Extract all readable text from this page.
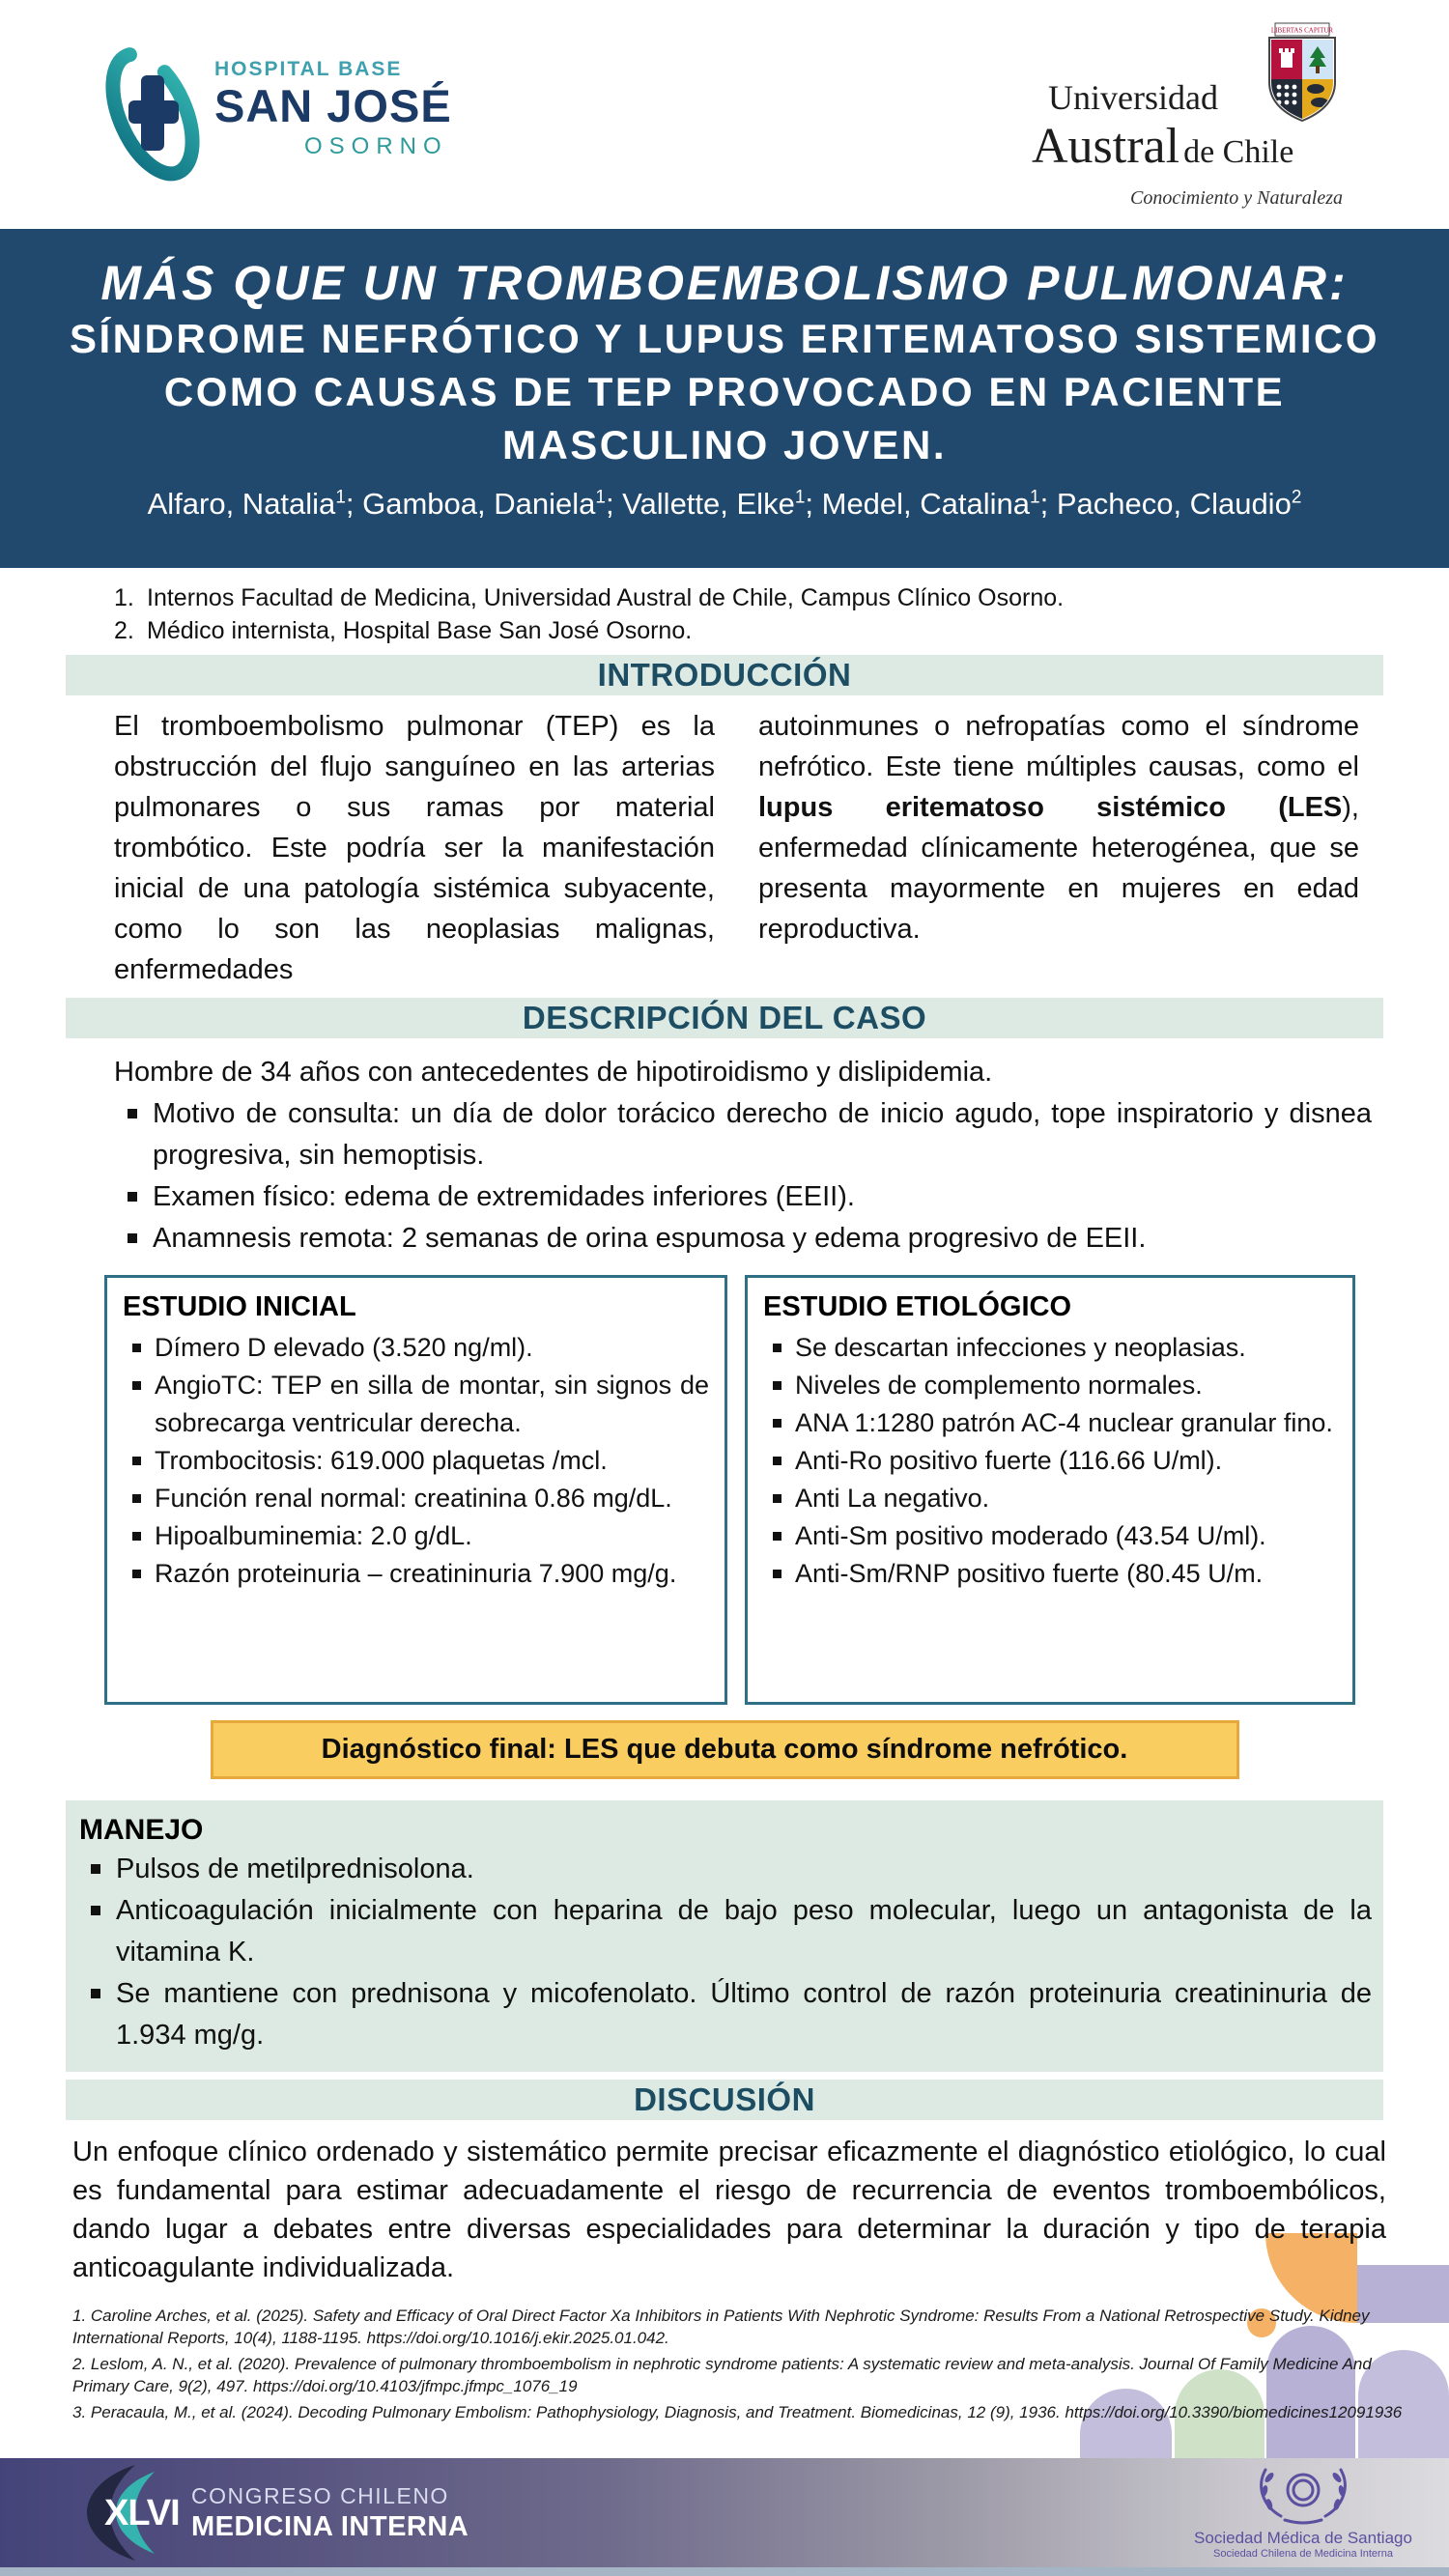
HOSPITAL BASE
SAN JOSÉ
OSORNO
LIBERTAS CAPITUR
Universidad
Austral de Chile
Conocimiento y Naturaleza
MÁS QUE UN TROMBOEMBOLISMO PULMONAR:
SÍNDROME NEFRÓTICO Y LUPUS ERITEMATOSO SISTEMICO
COMO CAUSAS DE TEP PROVOCADO EN PACIENTE
MASCULINO JOVEN.
Alfaro, Natalia$^1$; Gamboa, Daniela$^1$; Vallette, Elke$^1$; Medel, Catalina$^1$; Pacheco, Claudio$^2$
1. Internos Facultad de Medicina, Universidad Austral de Chile, Campus Clínico Osorno.
2. Médico internista, Hospital Base San José Osorno.
INTRODUCCIÓN
El tromboembolismo pulmonar (TEP) es la obstrucción del flujo sanguíneo en las arterias pulmonares o sus ramas por material trombótico. Este podría ser la manifestación inicial de una patología sistémica subyacente, como lo son las neoplasias malignas, enfermedades
autoinmunes o nefropatías como el síndrome nefrótico. Este tiene múltiples causas, como el lupus eritematoso sistémico (LES), enfermedad clínicamente heterogénea, que se presenta mayormente en mujeres en edad reproductiva.
DESCRIPCIÓN DEL CASO
Hombre de 34 años con antecedentes de hipotiroidismo y dislipidemia.
Motivo de consulta: un día de dolor torácico derecho de inicio agudo, tope inspiratorio y disnea progresiva, sin hemoptisis.
Examen físico: edema de extremidades inferiores (EEII).
Anamnesis remota: 2 semanas de orina espumosa y edema progresivo de EEII.
ESTUDIO INICIAL
Dímero D elevado (3.520 ng/ml).
AngioTC: TEP en silla de montar, sin signos de sobrecarga ventricular derecha.
Trombocitosis: 619.000 plaquetas /mcl.
Función renal normal: creatinina 0.86 mg/dL.
Hipoalbuminemia: 2.0 g/dL.
Razón proteinuria – creatininuria 7.900 mg/g.
ESTUDIO ETIOLÓGICO
Se descartan infecciones y neoplasias.
Niveles de complemento normales.
ANA 1:1280 patrón AC-4 nuclear granular fino.
Anti-Ro positivo fuerte (116.66 U/ml).
Anti La negativo.
Anti-Sm positivo moderado (43.54 U/ml).
Anti-Sm/RNP positivo fuerte (80.45 U/m.
Diagnóstico final: LES que debuta como síndrome nefrótico.
MANEJO
Pulsos de metilprednisolona.
Anticoagulación inicialmente con heparina de bajo peso molecular, luego un antagonista de la vitamina K.
Se mantiene con prednisona y micofenolato. Último control de razón proteinuria creatininuria de 1.934 mg/g.
DISCUSIÓN
Un enfoque clínico ordenado y sistemático permite precisar eficazmente el diagnóstico etiológico, lo cual es fundamental para estimar adecuadamente el riesgo de recurrencia de eventos tromboembólicos, dando lugar a debates entre diversas especialidades para determinar la duración y tipo de terapia anticoagulante individualizada.

1. Caroline Arches, et al. (2025). Safety and Efficacy of Oral Direct Factor Xa Inhibitors in Patients With Nephrotic Syndrome: Results From a National Retrospective Study. Kidney International Reports, 10(4), 1188-1195. https://doi.org/10.1016/j.ekir.2025.01.042.

2. Leslom, A. N., et al. (2020). Prevalence of pulmonary thromboembolism in nephrotic syndrome patients: A systematic review and meta-analysis. Journal Of Family Medicine And Primary Care, 9(2), 497. https://doi.org/10.4103/jfmpc.jfmpc_1076_19

3. Peracaula, M., et al. (2024). Decoding Pulmonary Embolism: Pathophysiology, Diagnosis, and Treatment. Biomedicinas, 12 (9), 1936. https://doi.org/10.3390/biomedicines12091936

XLVI CONGRESO CHILENO
MEDICINA INTERNA	Sociedad Médica de Santiago
Sociedad Chilena de Medicina Interna
